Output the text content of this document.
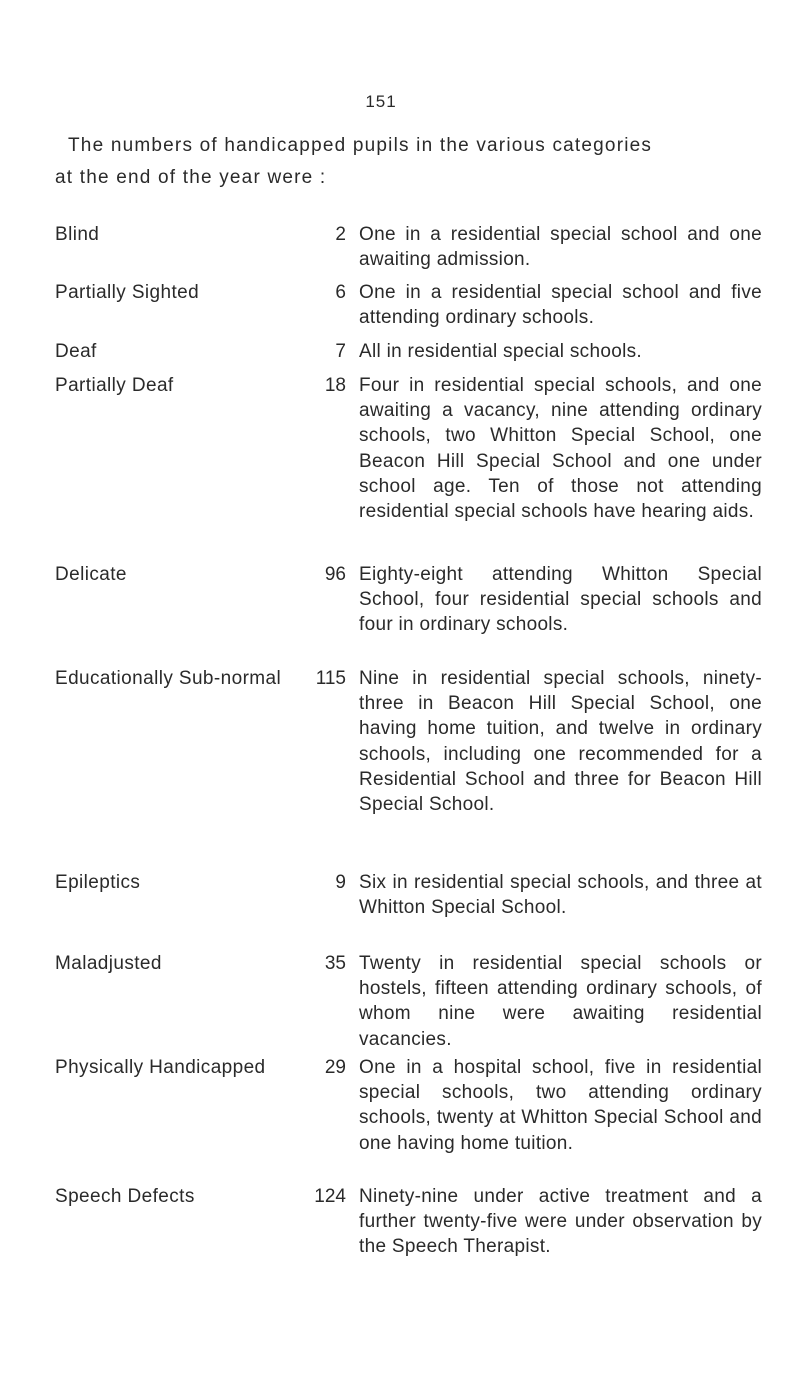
151
The numbers of handicapped pupils in the various categories
at the end of the year were :
Blind	2 One in a residential special school and one awaiting admission.
Partially Sighted	6 One in a residential special school and five attending ordinary schools.
Deaf	7 All in residential special schools.
Partially Deaf	18 Four in residential special schools, and one awaiting a vacancy, nine attending ordinary schools, two Whitton Special School, one Beacon Hill Special School and one under school age. Ten of those not attending residential special schools have hearing aids.
Delicate	96 Eighty-eight attending Whitton Special School, four residential special schools and four in ordinary schools.
Educationally Sub-normal	115 Nine in residential special schools, ninety-three in Beacon Hill Special School, one having home tuition, and twelve in ordinary schools, including one recommended for a Residential School and three for Beacon Hill Special School.
Epileptics	9 Six in residential special schools, and three at Whitton Special School.
Maladjusted	35 Twenty in residential special schools or hostels, fifteen attending ordinary schools, of whom nine were awaiting residential vacancies.
Physically Handicapped	29 One in a hospital school, five in residential special schools, two attending ordinary schools, twenty at Whitton Special School and one having home tuition.
Speech Defects	124 Ninety-nine under active treatment and a further twenty-five were under observation by the Speech Therapist.
